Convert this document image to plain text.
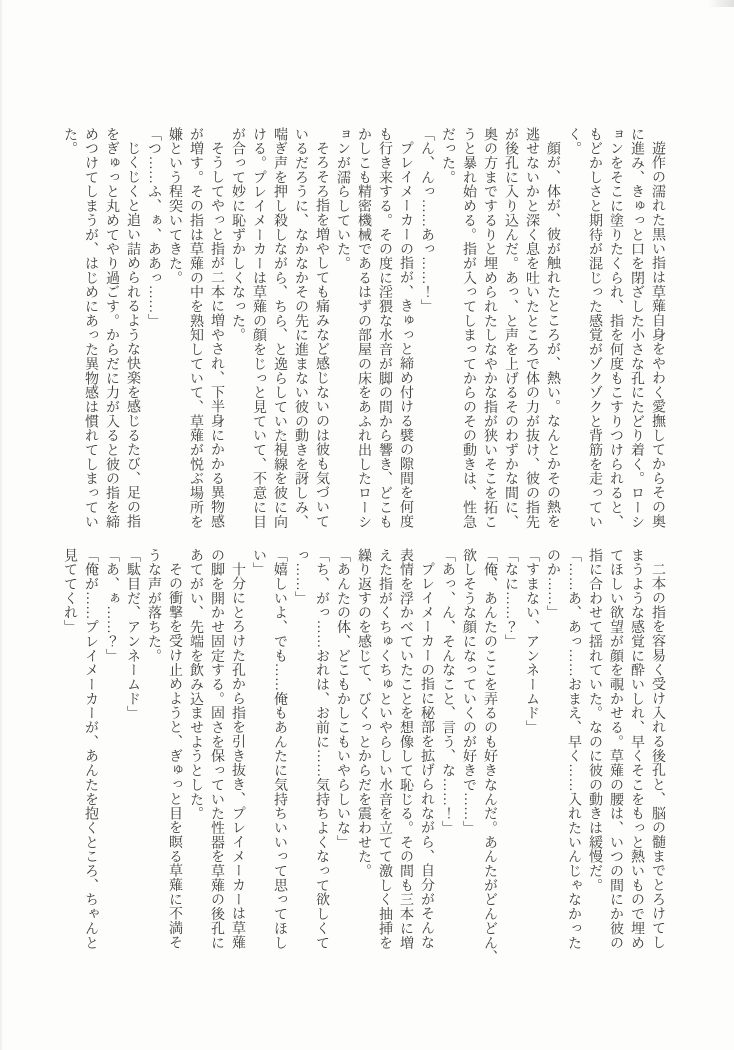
遊作の濡れた黒い指は草薙自身をやわく愛撫してからその奥
に進み、きゅっと口を閉ざした小さな孔にたどり着く。ローシ
ョンをそこに塗りたくられ、指を何度もこすりつけられると、
もどかしさと期待が混じった感覚がゾクゾクと背筋を走ってい
く。
顔が、体が、彼が触れたところが、熱い。なんとかその熱を
逃せないかと深く息を吐いたところで体の力が抜け、彼の指先
が後孔に入り込んだ。あっ、と声を上げるそのわずかな間に、
奥の方までするりと埋められたしなやかな指が狭いそこを拓こ
うと暴れ始める。指が入ってしまってからのその動きは、性急
だった。
「ん、んっ……あっ……！」
プレイメーカーの指が、きゅっと締め付ける襞の隙間を何度
も行き来する。その度に淫猥な水音が脚の間から響き、どこも
かしこも精密機械であるはずの部屋の床をあふれ出したローシ
ョンが濡らしていた。
そろそろ指を増やしても痛みなど感じないのは彼も気づいて
いるだろうに、なかなかその先に進まない彼の動きを訝しみ、
喘ぎ声を押し殺しながら、ちら、と逸らしていた視線を彼に向
ける。プレイメーカーは草薙の顔をじっと見ていて、不意に目
が合って妙に恥ずかしくなった。
そうしてやっと指が二本に増やされ、下半身にかかる異物感
が増す。その指は草薙の中を熟知していて、草薙が悦ぶ場所を
嫌という程突いてきた。
「つ……ふ、ぁ、ああっ……」
じくじくと追い詰められるような快楽を感じるたび、足の指
をぎゅっと丸めてやり過ごす。からだに力が入ると彼の指を締
めつけてしまうが、はじめにあった異物感は慣れてしまってい
た。
二本の指を容易く受け入れる後孔と、脳の髄までとろけてし
まうような感覚に酔いしれ、早くそこをもっと熱いもので埋め
てほしい欲望が顔を覗かせる。草薙の腰は、いつの間にか彼の
指に合わせて揺れていた。なのに彼の動きは緩慢だ。
「……あ、あっ……おまえ、早く……入れたいんじゃなかった
のか……」
「すまない、アンネームド」
「なに……？」
「俺、あんたのここを弄るのも好きなんだ。あんたがどんどん、
欲しそうな顔になっていくのが好きで……」
「あっ、ん、そんなこと、言う、な……！」
プレイメーカーの指に秘部を拡げられながら、自分がそんな
表情を浮かべていたことを想像して恥じる。その間も三本に増
えた指がくちゅくちゅといやらしい水音を立てて激しく抽挿を
繰り返すのを感じて、びくっとからだを震わせた。
「あんたの体、どこもかしこもいやらしいな」
「ち、がっ……おれは、お前に……気持ちよくなって欲しくて
っ……」
「嬉しいよ、でも……俺もあんたに気持ちいいって思ってほし
い」
十分にとろけた孔から指を引き抜き、プレイメーカーは草薙
の脚を開かせ固定する。固さを保っていた性器を草薙の後孔に
あてがい、先端を飲み込ませようとした。
その衝撃を受け止めようと、ぎゅっと目を瞑る草薙に不満そ
うな声が落ちた。
「駄目だ、アンネームド」
「あ、ぁ……？」
「俺が……プレイメーカーが、あんたを抱くところ、ちゃんと
見ててくれ」
